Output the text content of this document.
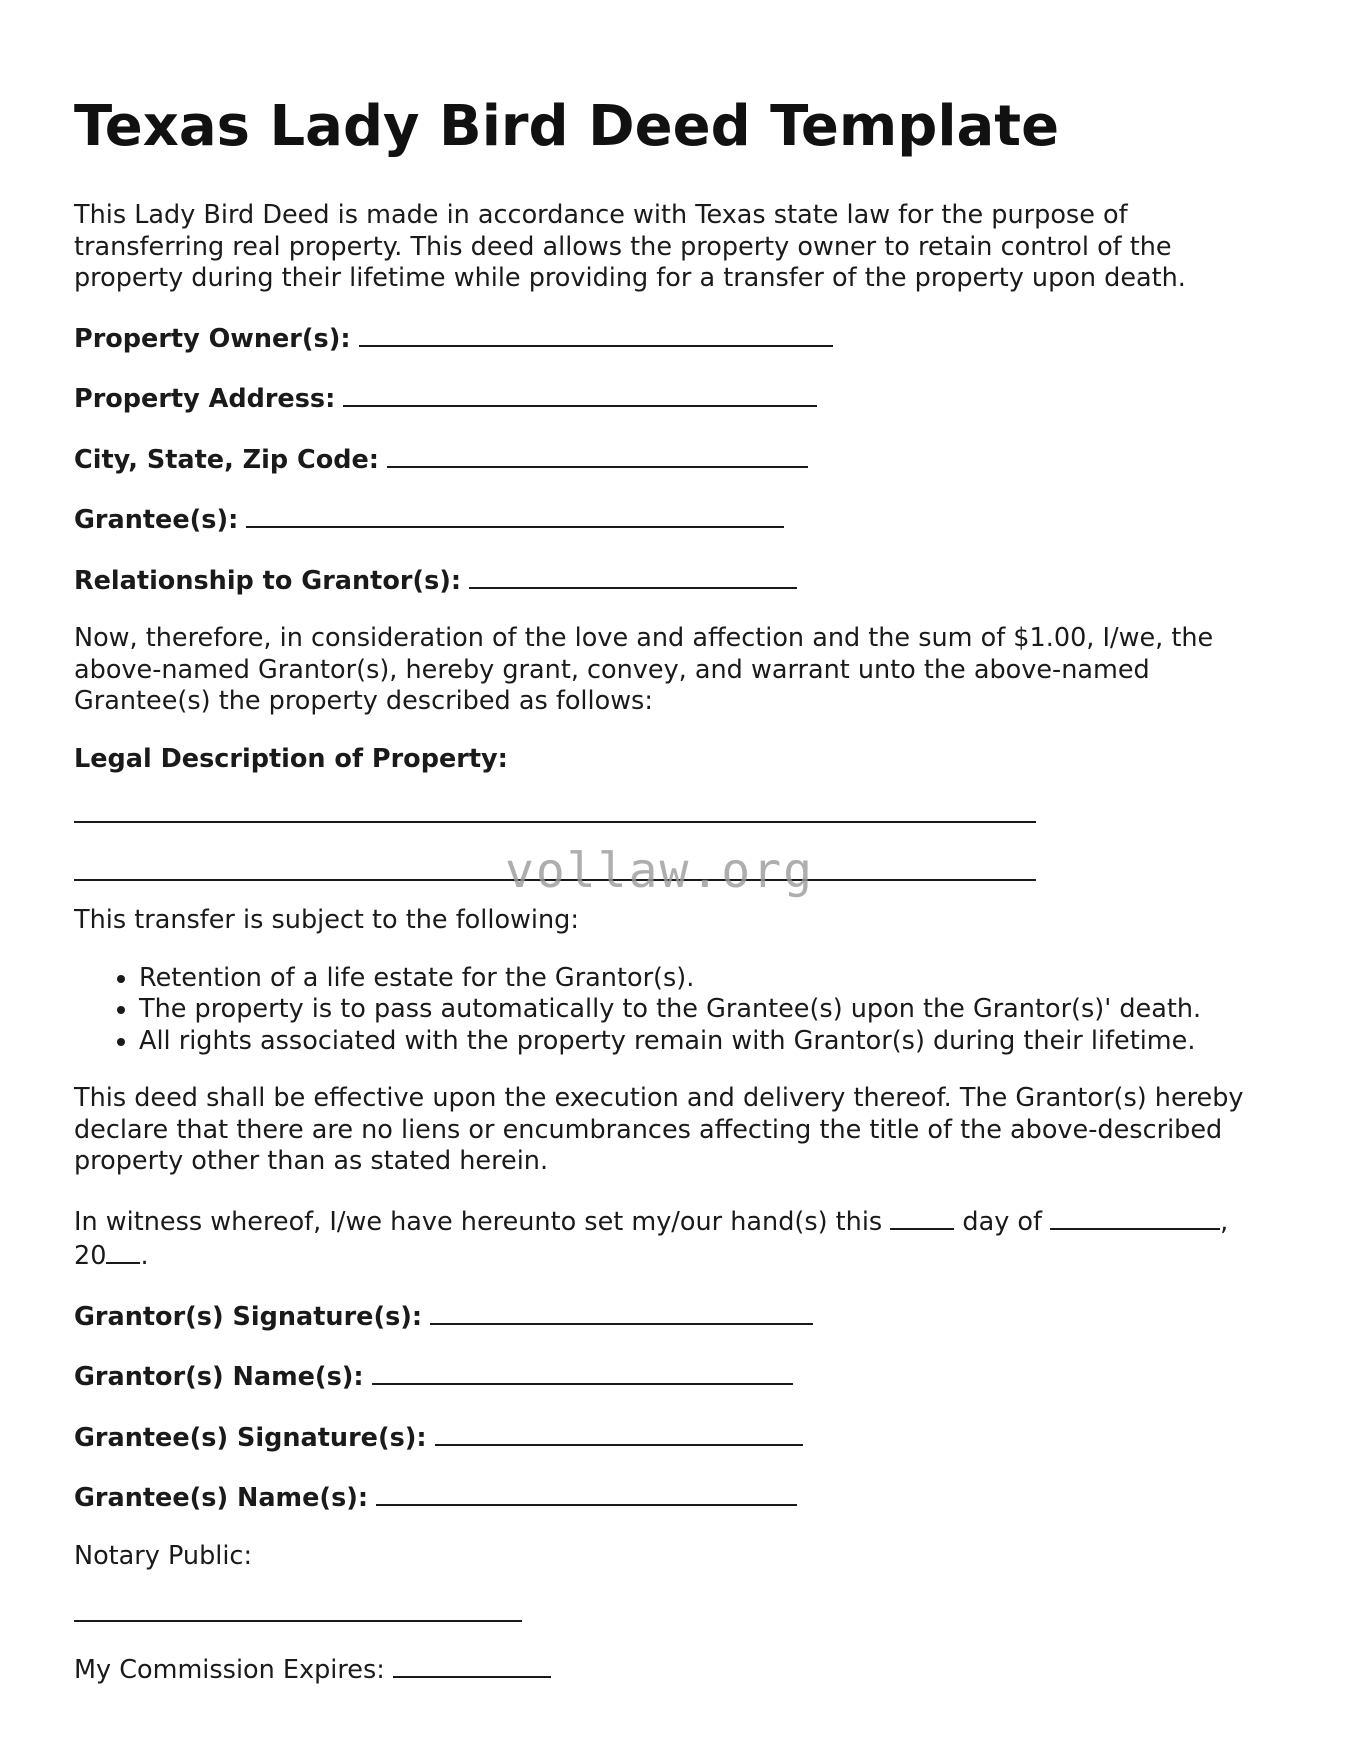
Texas Lady Bird Deed Template

This Lady Bird Deed is made in accordance with Texas state law for the purpose of transferring real property. This deed allows the property owner to retain control of the property during their lifetime while providing for a transfer of the property upon death.

Property Owner(s):
Property Address:
City, State, Zip Code:
Grantee(s):
Relationship to Grantor(s):

Now, therefore, in consideration of the love and affection and the sum of $1.00, I/we, the above-named Grantor(s), hereby grant, convey, and warrant unto the above-named Grantee(s) the property described as follows:

Legal Description of Property:

This transfer is subject to the following:

• Retention of a life estate for the Grantor(s).
• The property is to pass automatically to the Grantee(s) upon the Grantor(s)' death.
• All rights associated with the property remain with Grantor(s) during their lifetime.

This deed shall be effective upon the execution and delivery thereof. The Grantor(s) hereby declare that there are no liens or encumbrances affecting the title of the above-described property other than as stated herein.

In witness whereof, I/we have hereunto set my/our hand(s) this	day of	,
20 .

Grantor(s) Signature(s):
Grantor(s) Name(s):
Grantee(s) Signature(s):
Grantee(s) Name(s):

Notary Public:

My Commission Expires:
vollaw.org
